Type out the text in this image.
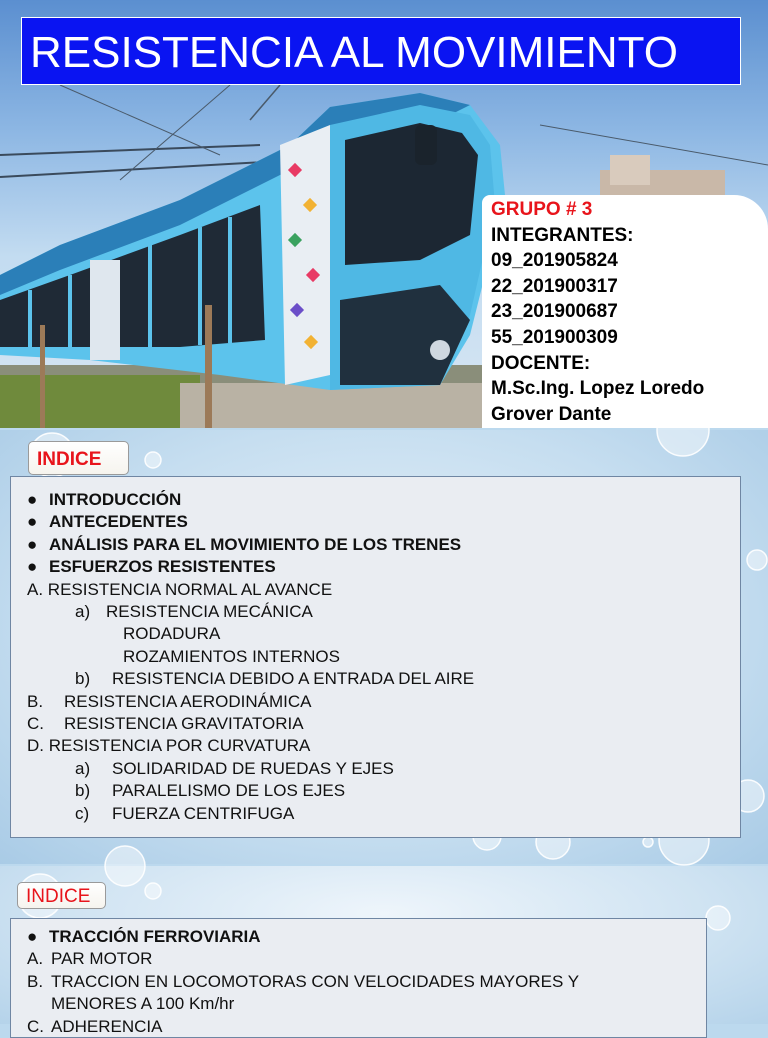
RESISTENCIA AL MOVIMIENTO
GRUPO # 3
INTEGRANTES:
09_201905824
22_201900317
23_201900687
55_201900309
DOCENTE:
M.Sc.Ing. Lopez Loredo
Grover Dante
INDICE
● INTRODUCCIÓN
● ANTECEDENTES
● ANÁLISIS PARA EL MOVIMIENTO DE LOS TRENES
● ESFUERZOS RESISTENTES
A. RESISTENCIA NORMAL AL AVANCE
a) RESISTENCIA MECÁNICA
RODADURA
ROZAMIENTOS INTERNOS
b) RESISTENCIA DEBIDO A ENTRADA DEL AIRE
B. RESISTENCIA AERODINÁMICA
C. RESISTENCIA GRAVITATORIA
D. RESISTENCIA POR CURVATURA
a) SOLIDARIDAD DE RUEDAS Y EJES
b) PARALELISMO DE LOS EJES
c) FUERZA CENTRIFUGA
INDICE
● TRACCIÓN FERROVIARIA
A. PAR MOTOR
B. TRACCION EN LOCOMOTORAS CON VELOCIDADES MAYORES Y
MENORES A 100 Km/hr
C. ADHERENCIA
